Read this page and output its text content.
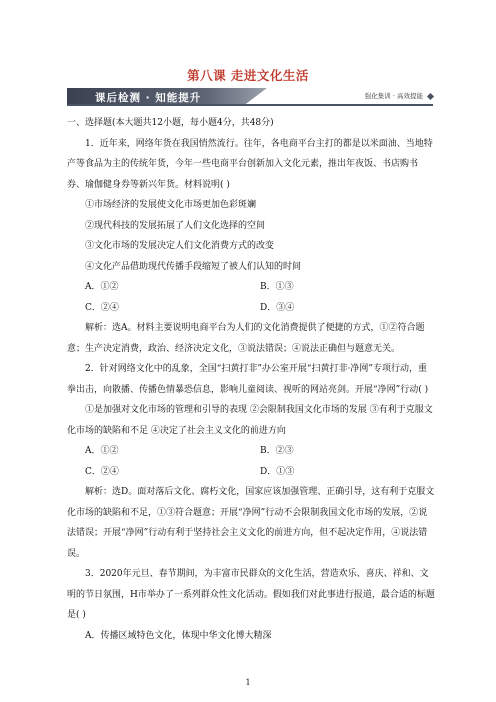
第八课 走进文化生活
课后检测 · 知能提升	强化集训 · 高效提能

一、选择题(本大题共12小题，每小题4分，共48分)

1．近年来，网络年货在我国悄然流行。往年，各电商平台主打的都是以米面油、当地特产等食品为主的传统年货，今年一些电商平台创新加入文化元素，推出年夜饭、书店购书券、瑜伽健身券等新兴年货。材料说明( )

①市场经济的发展使文化市场更加色彩斑斓

②现代科技的发展拓展了人们文化选择的空间

③文化市场的发展决定人们文化消费方式的改变

④文化产品借助现代传播手段缩短了被人们认知的时间

A．①②	B．①③
C．②④	D．③④

解析：选A。材料主要说明电商平台为人们的文化消费提供了便捷的方式，①②符合题意；生产决定消费，政治、经济决定文化，③说法错误；④说法正确但与题意无关。

2．针对网络文化中的乱象，全国“扫黄打非”办公室开展“扫黄打非·净网”专项行动，重拳出击，向散播、传播色情暴恐信息，影响儿童阅读、视听的网站亮剑。开展“净网”行动( )

①是加强对文化市场的管理和引导的表现 ②会限制我国文化市场的发展 ③有利于克服文化市场的缺陷和不足 ④决定了社会主义文化的前进方向

A．①②	B．②③
C．②④	D．①③

解析：选D。面对落后文化、腐朽文化，国家应该加强管理、正确引导，这有利于克服文化市场的缺陷和不足，①③符合题意；开展“净网”行动不会限制我国文化市场的发展，②说法错误；开展“净网”行动有利于坚持社会主义文化的前进方向，但不起决定作用，④说法错误。

3．2020年元旦、春节期间，为丰富市民群众的文化生活，营造欢乐、喜庆、祥和、文明的节日氛围，H市举办了一系列群众性文化活动。假如我们对此事进行报道，最合适的标题是( )

A．传播区域特色文化，体现中华文化博大精深

1
